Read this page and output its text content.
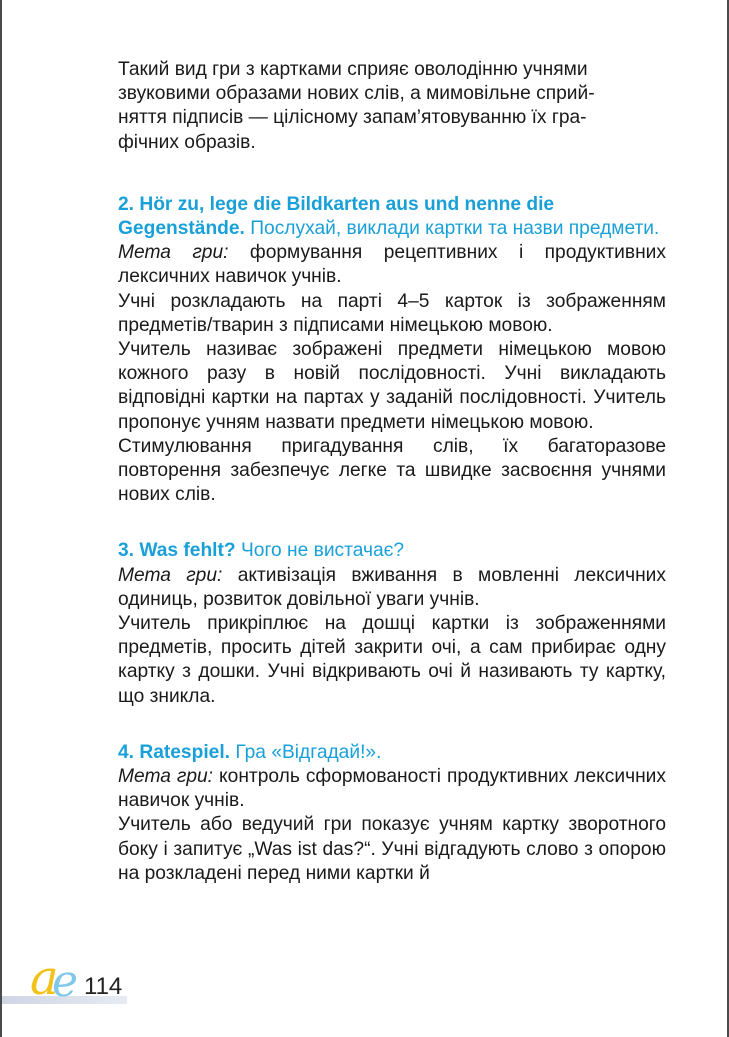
Такий вид гри з картками сприяє оволодінню учнями
звуковими образами нових слів, а мимовільне сприй-
няття підписів — цілісному запам’ятовуванню їх гра-
фічних образів.

2. Hör zu, lege die Bildkarten aus und nenne die Gegenstände. Послухай, виклади картки та назви предмети.

Мета гри: формування рецептивних і продуктивних лексичних навичок учнів.

Учні розкладають на парті 4–5 карток із зображенням предметів/тварин з підписами німецькою мовою.

Учитель називає зображені предмети німецькою мовою кожного разу в новій послідовності. Учні викладають відповідні картки на партах у заданій послідовності. Учитель пропонує учням назвати предмети німецькою мовою.

Стимулювання пригадування слів, їх багаторазове повторення забезпечує легке та швидке засвоєння учнями нових слів.

3. Was fehlt? Чого не вистачає?

Мета гри: активізація вживання в мовленні лексичних одиниць, розвиток довільної уваги учнів.

Учитель прикріплює на дошці картки із зображеннями предметів, просить дітей закрити очі, а сам прибирає одну картку з дошки. Учні відкривають очі й називають ту картку, що зникла.

4. Ratespiel. Гра «Відгадай!».

Мета гри: контроль сформованості продуктивних лексичних навичок учнів.

Учитель або ведучий гри показує учням картку зворотного боку і запитує „Was ist das?“. Учні відгадують слово з опорою на розкладені перед ними картки й

a
e 114
